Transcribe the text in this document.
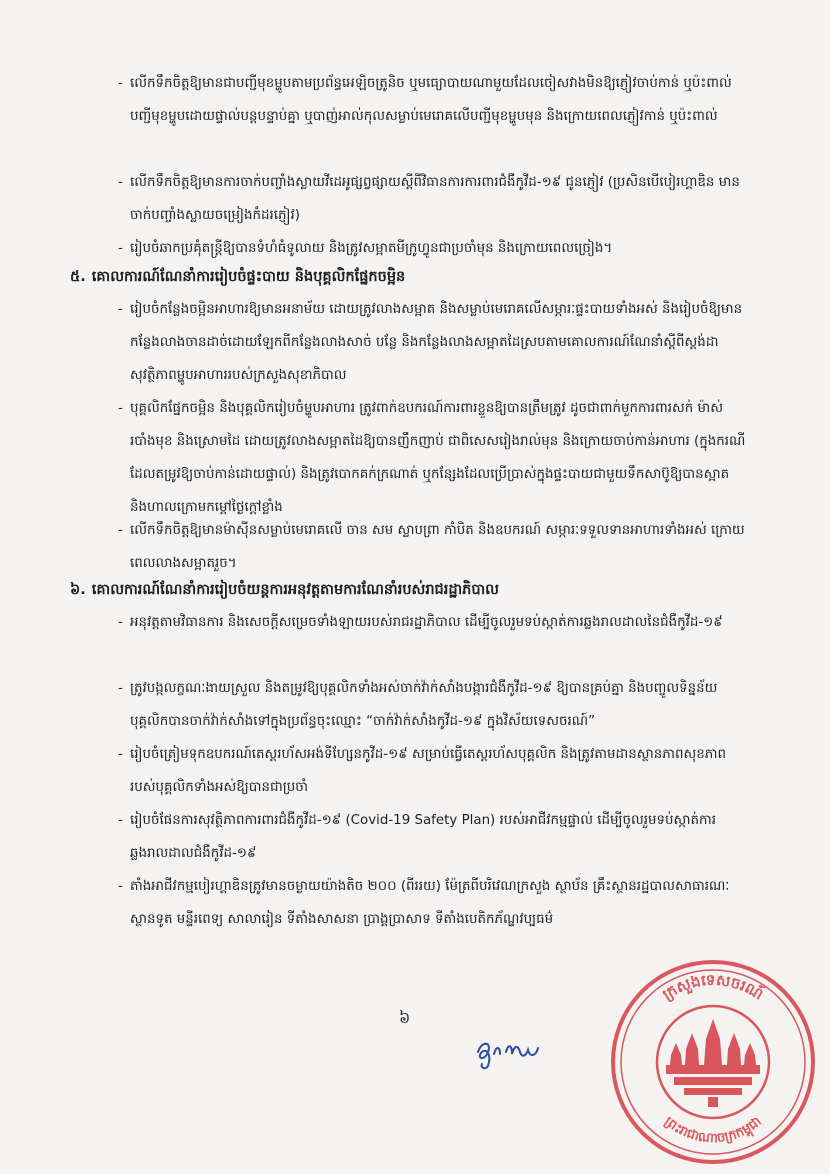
- លើកទឹកចិត្តឱ្យមានជាបញ្ជីមុខម្ហូបតាមប្រព័ន្ធអេឡិចត្រូនិច ឬមធ្យោបាយណាមួយដែលចៀសវាងមិនឱ្យភ្ញៀវចាប់កាន់ ឬប៉ះពាល់បញ្ជីមុខម្ហូបដោយផ្ទាល់បន្តបន្ទាប់គ្នា ឬបាញ់អាល់កុលសម្លាប់មេរោគលើបញ្ជីមុខម្ហូបមុន និងក្រោយពេលភ្ញៀវកាន់ ឬប៉ះពាល់
- លើកទឹកចិត្តឱ្យមានការចាក់បញ្ចាំងស្លាយវីដេអូផ្សព្វផ្សាយស្ដីពីវិធានការការពារជំងឺកូវីដ-១៩ ជូនភ្ញៀវ (ប្រសិនបើបៀរហ្គាឌិន មានចាក់បញ្ចាំងស្លាយចម្រៀងកំដរភ្ញៀវ)
- រៀបចំឆាកប្រគុំតន្ត្រីឱ្យបានទំហំធំទូលាយ និងត្រូវសម្អាតមីក្រូហ្វូនជាប្រចាំមុន និងក្រោយពេលច្រៀង។
៥. គោលការណ៍ណែនាំការរៀបចំផ្ទះបាយ និងបុគ្គលិកផ្នែកចម្អិន
- រៀបចំកន្លែងចម្អិនអាហារឱ្យមានអនាម័យ ដោយត្រូវលាងសម្អាត និងសម្លាប់មេរោគលើសម្ភារៈផ្ទះបាយទាំងអស់ និងរៀបចំឱ្យមានកន្លែងលាងចានដាច់ដោយឡែកពីកន្លែងលាងសាច់ បន្លែ និងកន្លែងលាងសម្អាតដៃស្របតាមគោលការណ៍ណែនាំស្ដីពីស្តង់ដាសុវត្ថិភាពម្ហូបអាហាររបស់ក្រសួងសុខាភិបាល
- បុគ្គលិកផ្នែកចម្អិន និងបុគ្គលិករៀបចំម្ហូបអាហារ ត្រូវពាក់ឧបករណ៍ការពារខ្លួនឱ្យបានត្រឹមត្រូវ ដូចជាពាក់មួកការពារសក់ ម៉ាស់ របាំងមុខ និងស្រោមដៃ ដោយត្រូវលាងសម្អាតដៃឱ្យបានញឹកញាប់ ជាពិសេសរៀងរាល់មុន និងក្រោយចាប់កាន់អាហារ (ក្នុងករណីដែលតម្រូវឱ្យចាប់កាន់ដោយផ្ទាល់) និងត្រូវបោកគក់ក្រណាត់ ឬកន្សែងដែលប្រើប្រាស់ក្នុងផ្ទះបាយជាមួយទឹកសាប៊ូឱ្យបានស្អាត និងហាលក្រោមកម្ដៅថ្ងៃក្តៅខ្លាំង
- លើកទឹកចិត្តឱ្យមានម៉ាស៊ីនសម្លាប់មេរោគលើ ចាន សម ស្លាបព្រា កាំបិត និងឧបករណ៍ សម្ភារៈទទួលទានអាហារទាំងអស់ ក្រោយពេលលាងសម្អាតរួច។
៦. គោលការណ៍ណែនាំការរៀបចំយន្តការអនុវត្តតាមការណែនាំរបស់រាជរដ្ឋាភិបាល
- អនុវត្តតាមវិធានការ និងសេចក្ដីសម្រេចទាំងឡាយរបស់រាជរដ្ឋាភិបាល ដើម្បីចូលរួមទប់ស្កាត់ការឆ្លងរាលដាលនៃជំងឺកូវីដ-១៩
- ត្រូវបង្កលក្ខណៈងាយស្រួល និងតម្រូវឱ្យបុគ្គលិកទាំងអស់ចាក់វ៉ាក់សាំងបង្ការជំងឺកូវីដ-១៩ ឱ្យបានគ្រប់គ្នា និងបញ្ចូលទិន្នន័យបុគ្គលិកបានចាក់វ៉ាក់សាំងទៅក្នុងប្រព័ន្ធចុះឈ្មោះ “ចាក់វ៉ាក់សាំងកូវីដ-១៩ ក្នុងវិស័យទេសចរណ៍”
- រៀបចំត្រៀមទុកឧបករណ៍តេស្តរហ័សអង់ទីហ្សែនកូវីដ-១៩ សម្រាប់ធ្វើតេស្តរហ័សបុគ្គលិក និងត្រូវតាមដានស្ថានភាពសុខភាពរបស់បុគ្គលិកទាំងអស់ឱ្យបានជាប្រចាំ
- រៀបចំផែនការសុវត្ថិភាពការពារជំងឺកូវីដ-១៩ (Covid-19 Safety Plan) របស់អាជីវកម្មផ្ទាល់ ដើម្បីចូលរួមទប់ស្កាត់ការឆ្លងរាលដាលជំងឺកូវីដ-១៩
- តាំងអាជីវកម្មបៀរហ្គាឌិនត្រូវមានចម្ងាយយ៉ាងតិច ២០០ (ពីររយ) ម៉ែត្រពីបរិវេណក្រសួង ស្ថាប័ន គ្រឹះស្ថានរដ្ឋបាលសាធារណៈ ស្ថានទូត មន្ទីរពេទ្យ សាលារៀន ទីតាំងសាសនា ប្រាង្គប្រាសាទ ទីតាំងបេតិកភ័ណ្ឌវប្បធម៌
៦
ក្រសួងទេសចរណ៍
ព្រះរាជាណាចក្រកម្ពុជា
